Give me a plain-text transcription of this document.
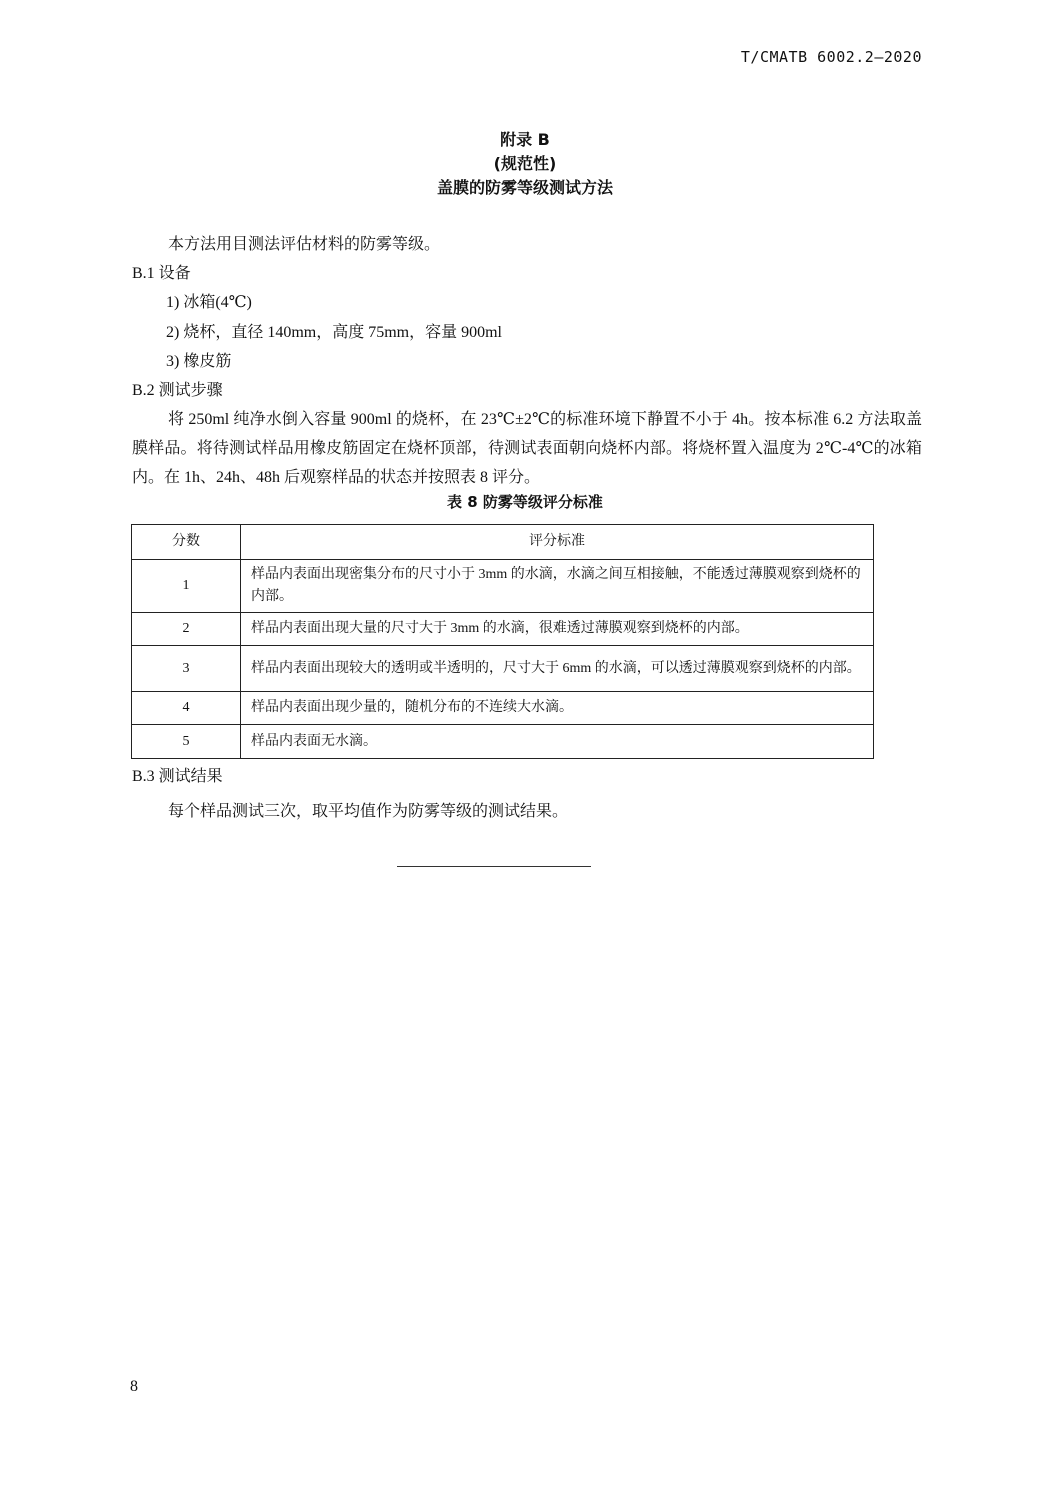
T/CMATB 6002.2—2020
附录 B
(规范性)
盖膜的防雾等级测试方法
本方法用目测法评估材料的防雾等级。
B.1 设备
1) 冰箱(4℃)
2) 烧杯，直径 140mm，高度 75mm，容量 900ml
3) 橡皮筋
B.2 测试步骤
将 250ml 纯净水倒入容量 900ml 的烧杯，在 23℃±2℃的标准环境下静置不小于 4h。按本标准 6.2 方法取盖膜样品。将待测试样品用橡皮筋固定在烧杯顶部，待测试表面朝向烧杯内部。将烧杯置入温度为 2℃-4℃的冰箱内。在 1h、24h、48h 后观察样品的状态并按照表 8 评分。
表 8 防雾等级评分标准
分数	评分标准
1	样品内表面出现密集分布的尺寸小于 3mm 的水滴，水滴之间互相接触，不能透过薄膜观察到烧杯的内部。
2	样品内表面出现大量的尺寸大于 3mm 的水滴，很难透过薄膜观察到烧杯的内部。
3	样品内表面出现较大的透明或半透明的，尺寸大于 6mm 的水滴，可以透过薄膜观察到烧杯的内部。
4	样品内表面出现少量的，随机分布的不连续大水滴。
5	样品内表面无水滴。
B.3 测试结果
每个样品测试三次，取平均值作为防雾等级的测试结果。
8
